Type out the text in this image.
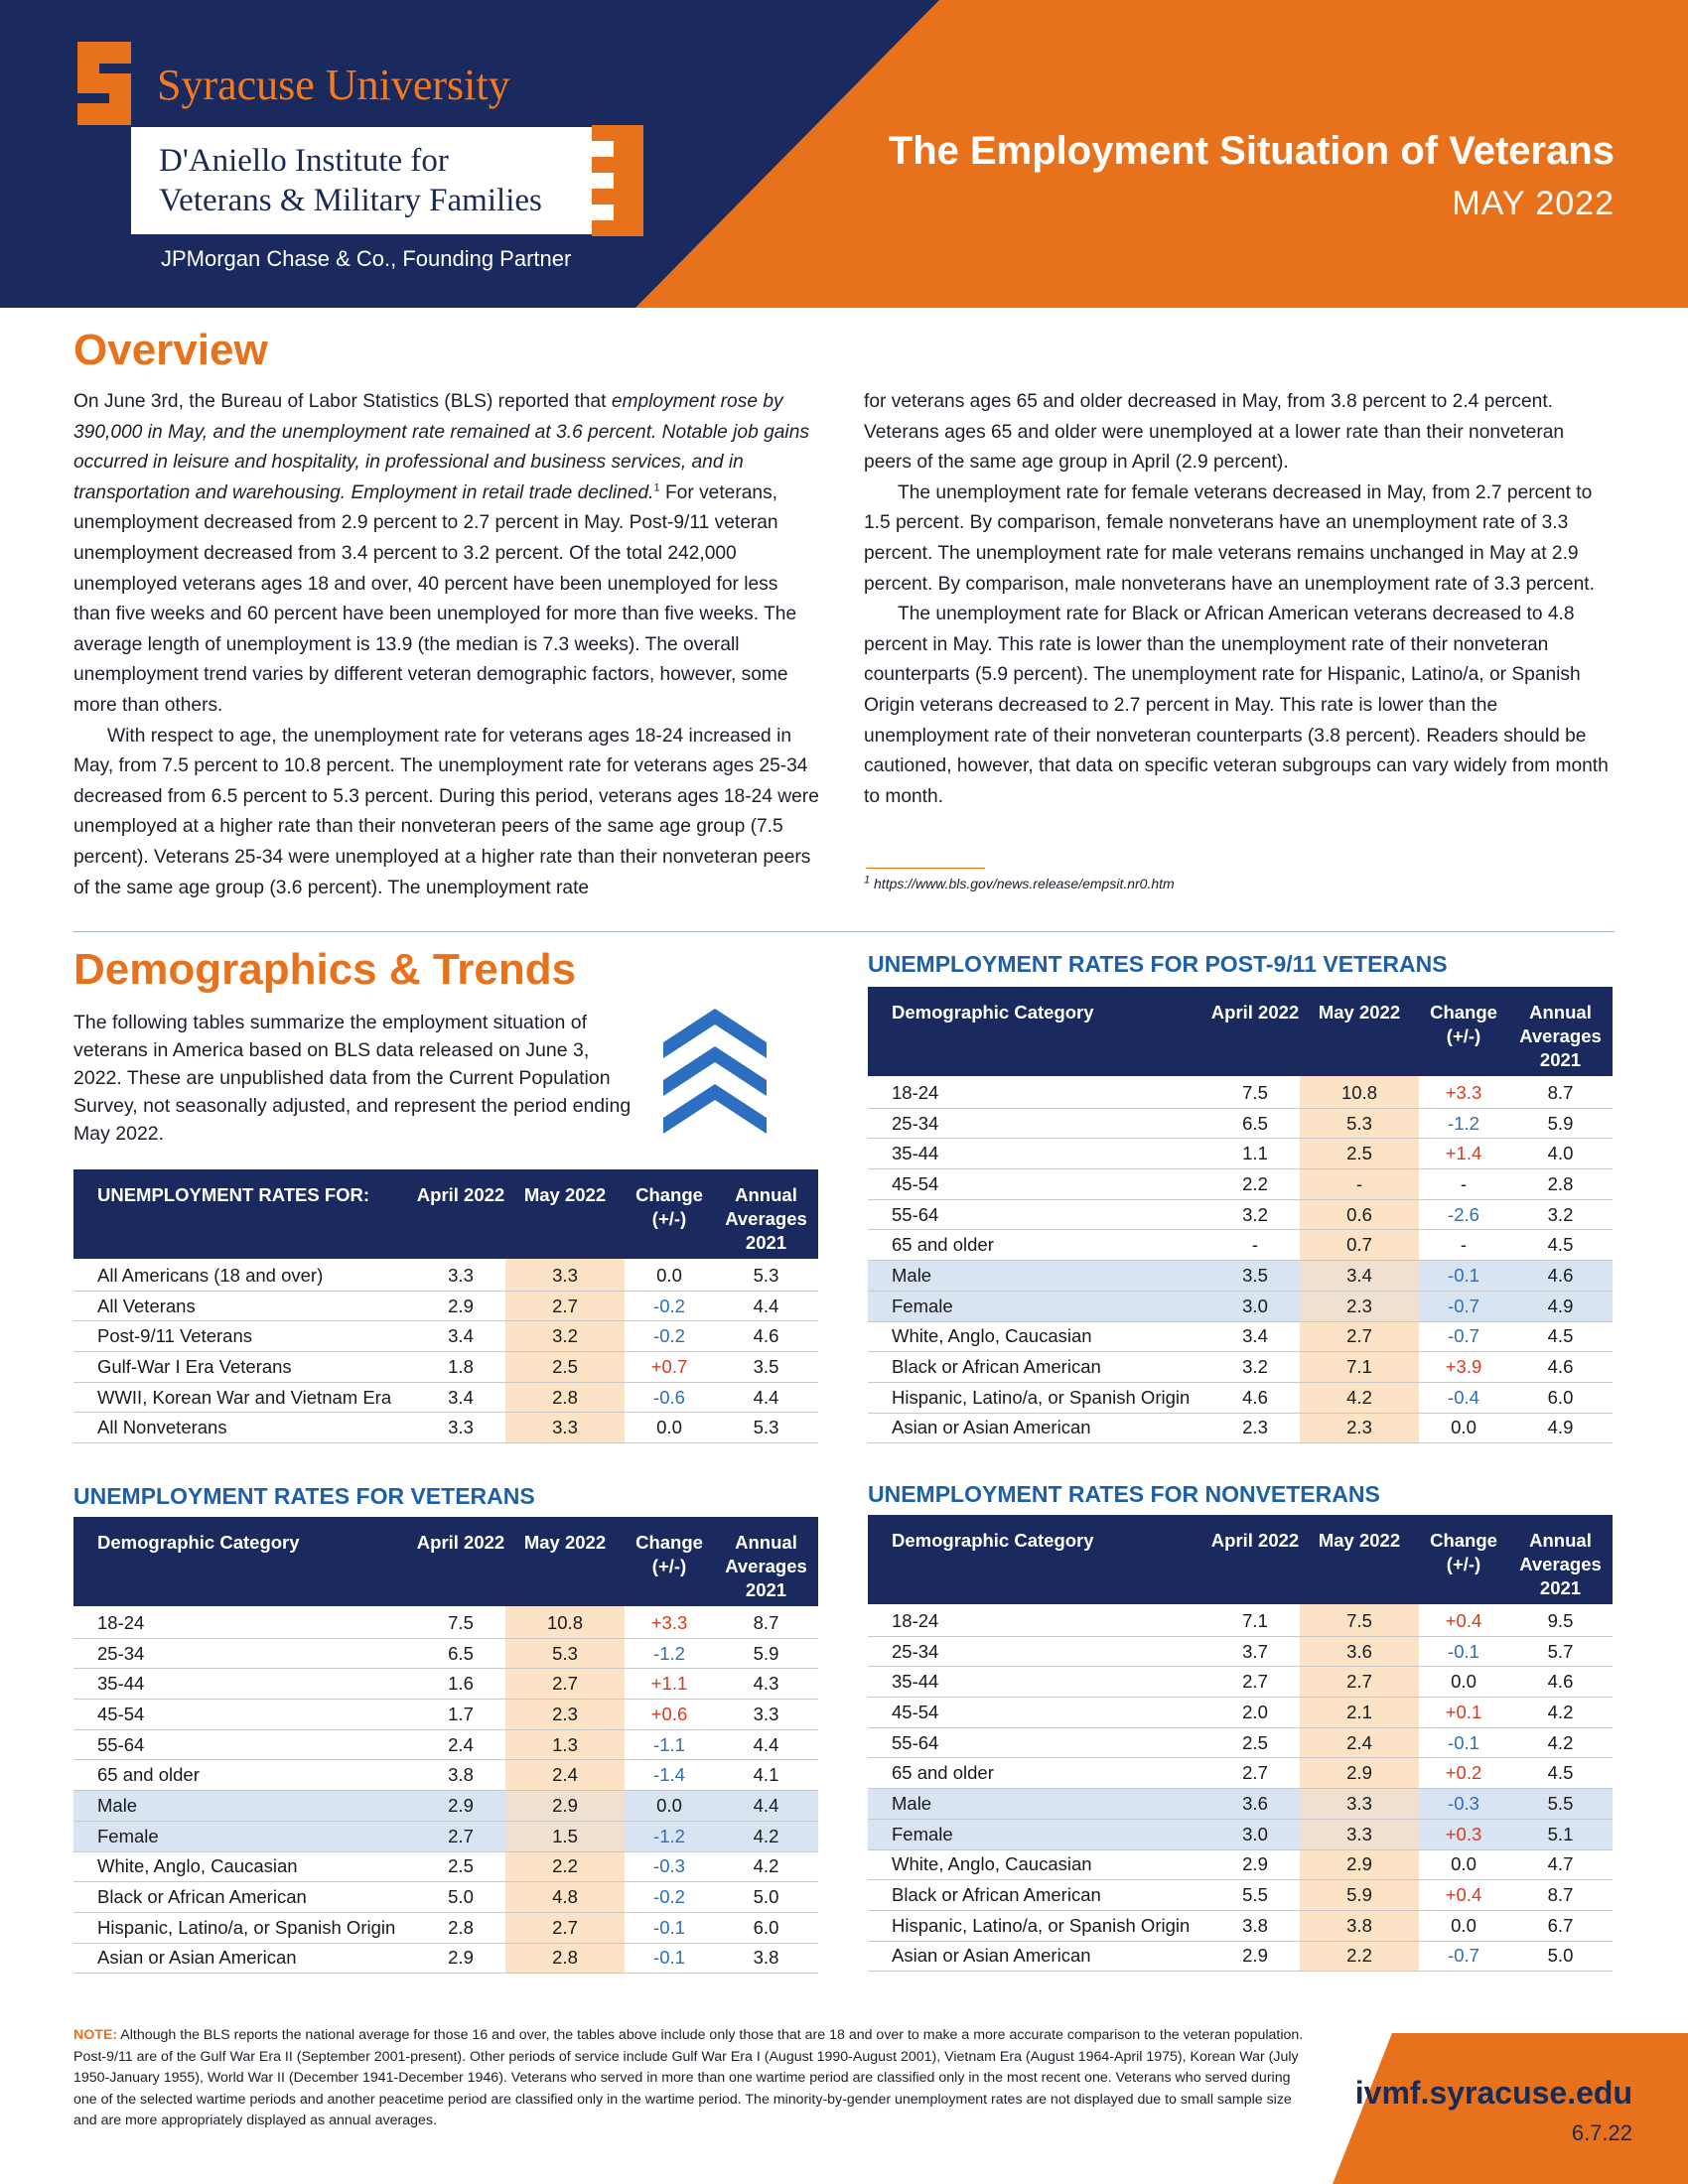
Syracuse University
D'Aniello Institute for
Veterans & Military Families
JPMorgan Chase & Co., Founding Partner
The Employment Situation of Veterans
MAY 2022
Overview

On June 3rd, the Bureau of Labor Statistics (BLS) reported that employment rose by 390,000 in May, and the unemployment rate remained at 3.6 percent. Notable job gains occurred in leisure and hospitality, in professional and business services, and in transportation and warehousing. Employment in retail trade declined.$^1$ For veterans, unemployment decreased from 2.9 percent to 2.7 percent in May. Post-9/11 veteran unemployment decreased from 3.4 percent to 3.2 percent. Of the total 242,000 unemployed veterans ages 18 and over, 40 percent have been unemployed for less than five weeks and 60 percent have been unemployed for more than five weeks. The average length of unemployment is 13.9 (the median is 7.3 weeks). The overall unemployment trend varies by different veteran demographic factors, however, some more than others.

With respect to age, the unemployment rate for veterans ages 18-24 increased in May, from 7.5 percent to 10.8 percent. The unemployment rate for veterans ages 25-34 decreased from 6.5 percent to 5.3 percent. During this period, veterans ages 18-24 were unemployed at a higher rate than their nonveteran peers of the same age group (7.5 percent). Veterans 25-34 were unemployed at a higher rate than their nonveteran peers of the same age group (3.6 percent). The unemployment rate

for veterans ages 65 and older decreased in May, from 3.8 percent to 2.4 percent. Veterans ages 65 and older were unemployed at a lower rate than their nonveteran peers of the same age group in April (2.9 percent).

The unemployment rate for female veterans decreased in May, from 2.7 percent to 1.5 percent. By comparison, female nonveterans have an unemployment rate of 3.3 percent. The unemployment rate for male veterans remains unchanged in May at 2.9 percent. By comparison, male nonveterans have an unemployment rate of 3.3 percent.

The unemployment rate for Black or African American veterans decreased to 4.8 percent in May. This rate is lower than the unemployment rate of their nonveteran counterparts (5.9 percent). The unemployment rate for Hispanic, Latino/a, or Spanish Origin veterans decreased to 2.7 percent in May. This rate is lower than the unemployment rate of their nonveteran counterparts (3.8 percent). Readers should be cautioned, however, that data on specific veteran subgroups can vary widely from month to month.

$^1$ https://www.bls.gov/news.release/empsit.nr0.htm
Demographics & Trends
The following tables summarize the employment situation of veterans in America based on BLS data released on June 3, 2022. These are unpublished data from the Current Population Survey, not seasonally adjusted, and represent the period ending May 2022.
UNEMPLOYMENT RATES FOR:	April 2022	May 2022	Change (+/-)	Annual Averages 2021
All Americans (18 and over)	3.3	3.3	0.0	5.3
All Veterans	2.9	2.7	-0.2	4.4
Post-9/11 Veterans	3.4	3.2	-0.2	4.6
Gulf-War I Era Veterans	1.8	2.5	+0.7	3.5
WWII, Korean War and Vietnam Era	3.4	2.8	-0.6	4.4
All Nonveterans	3.3	3.3	0.0	5.3
UNEMPLOYMENT RATES FOR VETERANS
Demographic Category	April 2022	May 2022	Change (+/-)	Annual Averages 2021
18-24	7.5	10.8	+3.3	8.7
25-34	6.5	5.3	-1.2	5.9
35-44	1.6	2.7	+1.1	4.3
45-54	1.7	2.3	+0.6	3.3
55-64	2.4	1.3	-1.1	4.4
65 and older	3.8	2.4	-1.4	4.1
Male	2.9	2.9	0.0	4.4
Female	2.7	1.5	-1.2	4.2
White, Anglo, Caucasian	2.5	2.2	-0.3	4.2
Black or African American	5.0	4.8	-0.2	5.0
Hispanic, Latino/a, or Spanish Origin	2.8	2.7	-0.1	6.0
Asian or Asian American	2.9	2.8	-0.1	3.8
UNEMPLOYMENT RATES FOR POST-9/11 VETERANS
Demographic Category	April 2022	May 2022	Change (+/-)	Annual Averages 2021
18-24	7.5	10.8	+3.3	8.7
25-34	6.5	5.3	-1.2	5.9
35-44	1.1	2.5	+1.4	4.0
45-54	2.2	-	-	2.8
55-64	3.2	0.6	-2.6	3.2
65 and older	-	0.7	-	4.5
Male	3.5	3.4	-0.1	4.6
Female	3.0	2.3	-0.7	4.9
White, Anglo, Caucasian	3.4	2.7	-0.7	4.5
Black or African American	3.2	7.1	+3.9	4.6
Hispanic, Latino/a, or Spanish Origin	4.6	4.2	-0.4	6.0
Asian or Asian American	2.3	2.3	0.0	4.9
UNEMPLOYMENT RATES FOR NONVETERANS
Demographic Category	April 2022	May 2022	Change (+/-)	Annual Averages 2021
18-24	7.1	7.5	+0.4	9.5
25-34	3.7	3.6	-0.1	5.7
35-44	2.7	2.7	0.0	4.6
45-54	2.0	2.1	+0.1	4.2
55-64	2.5	2.4	-0.1	4.2
65 and older	2.7	2.9	+0.2	4.5
Male	3.6	3.3	-0.3	5.5
Female	3.0	3.3	+0.3	5.1
White, Anglo, Caucasian	2.9	2.9	0.0	4.7
Black or African American	5.5	5.9	+0.4	8.7
Hispanic, Latino/a, or Spanish Origin	3.8	3.8	0.0	6.7
Asian or Asian American	2.9	2.2	-0.7	5.0
NOTE: Although the BLS reports the national average for those 16 and over, the tables above include only those that are 18 and over to make a more accurate comparison to the veteran population. Post-9/11 are of the Gulf War Era II (September 2001-present). Other periods of service include Gulf War Era I (August 1990-August 2001), Vietnam Era (August 1964-April 1975), Korean War (July 1950-January 1955), World War II (December 1941-December 1946). Veterans who served in more than one wartime period are classified only in the most recent one. Veterans who served during one of the selected wartime periods and another peacetime period are classified only in the wartime period. The minority-by-gender unemployment rates are not displayed due to small sample size and are more appropriately displayed as annual averages.
ivmf.syracuse.edu
6.7.22
